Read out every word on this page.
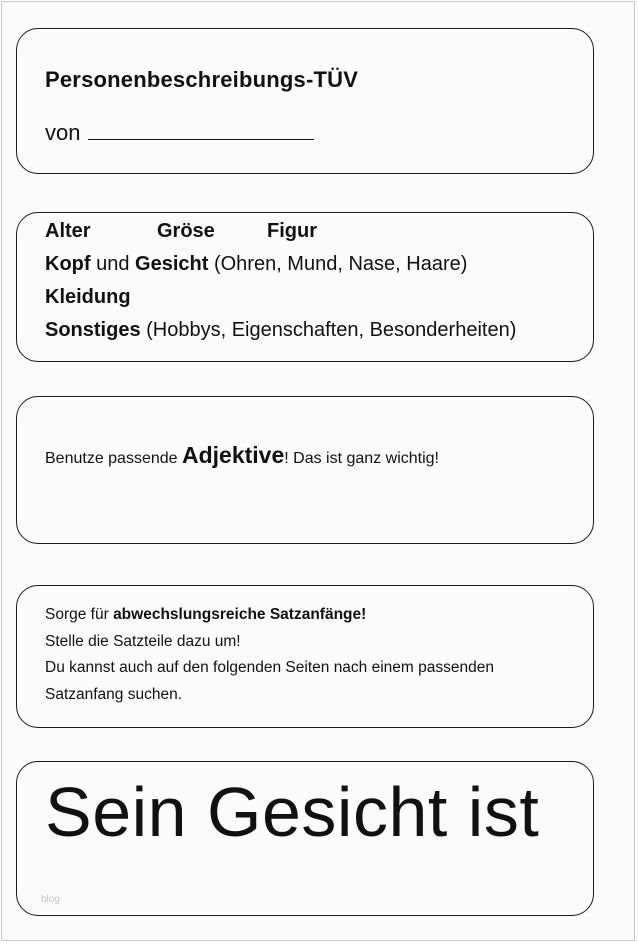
Personenbeschreibungs-TÜV
von
Alter	Gröse	Figur
Kopf und Gesicht (Ohren, Mund, Nase, Haare)
Kleidung
Sonstiges (Hobbys, Eigenschaften, Besonderheiten)
Benutze passende Adjektive! Das ist ganz wichtig!
Sorge für abwechslungsreiche Satzanfänge!
Stelle die Satzteile dazu um!
Du kannst auch auf den folgenden Seiten nach einem passenden
Satzanfang suchen.
Sein Gesicht ist
blog
